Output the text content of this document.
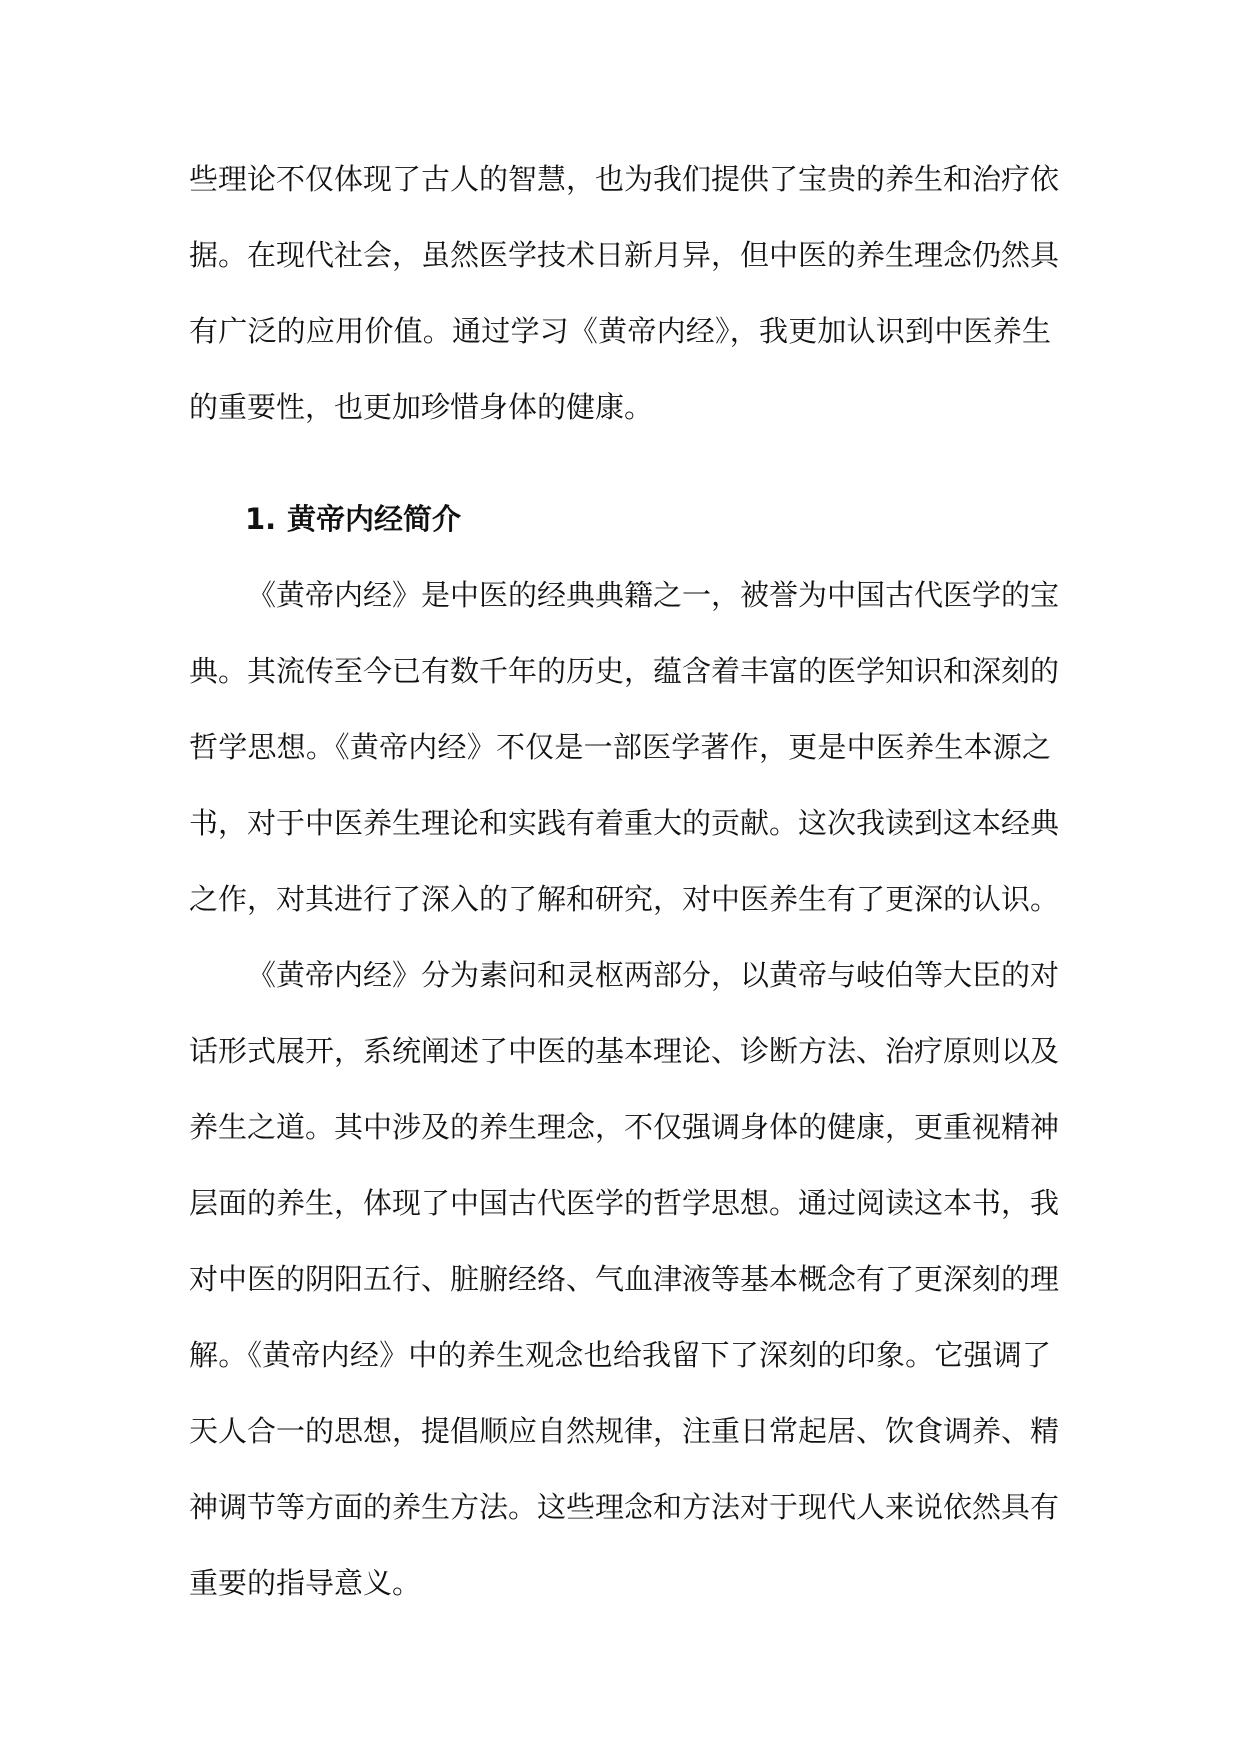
些理论不仅体现了古人的智慧，也为我们提供了宝贵的养生和治疗依
据。在现代社会，虽然医学技术日新月异，但中医的养生理念仍然具
有广泛的应用价值。通过学习《黄帝内经》，我更加认识到中医养生
的重要性，也更加珍惜身体的健康。
1. 黄帝内经简介
《黄帝内经》是中医的经典典籍之一，被誉为中国古代医学的宝
典。其流传至今已有数千年的历史，蕴含着丰富的医学知识和深刻的
哲学思想。《黄帝内经》不仅是一部医学著作，更是中医养生本源之
书，对于中医养生理论和实践有着重大的贡献。这次我读到这本经典
之作，对其进行了深入的了解和研究，对中医养生有了更深的认识。
《黄帝内经》分为素问和灵枢两部分，以黄帝与岐伯等大臣的对
话形式展开，系统阐述了中医的基本理论、诊断方法、治疗原则以及
养生之道。其中涉及的养生理念，不仅强调身体的健康，更重视精神
层面的养生，体现了中国古代医学的哲学思想。通过阅读这本书，我
对中医的阴阳五行、脏腑经络、气血津液等基本概念有了更深刻的理
解。《黄帝内经》中的养生观念也给我留下了深刻的印象。它强调了
天人合一的思想，提倡顺应自然规律，注重日常起居、饮食调养、精
神调节等方面的养生方法。这些理念和方法对于现代人来说依然具有
重要的指导意义。
